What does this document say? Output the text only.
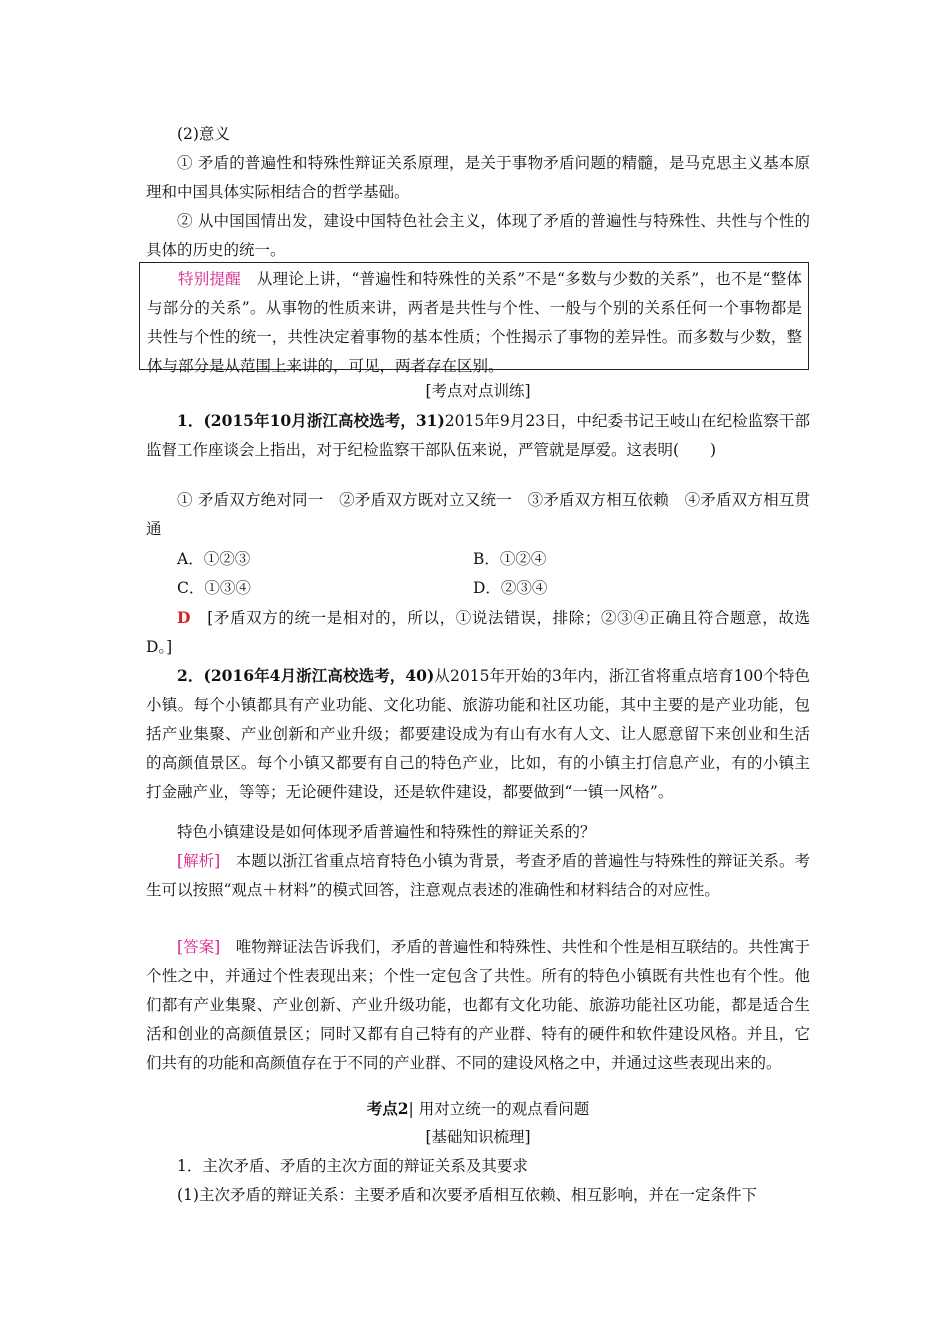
(2)意义

① 矛盾的普遍性和特殊性辩证关系原理，是关于事物矛盾问题的精髓，是马克思主义基本原理和中国具体实际相结合的哲学基础。

② 从中国国情出发，建设中国特色社会主义，体现了矛盾的普遍性与特殊性、共性与个性的具体的历史的统一。

特别提醒　 从理论上讲，“普遍性和特殊性的关系”不是“多数与少数的关系”，也不是“整体与部分的关系”。从事物的性质来讲，两者是共性与个性、一般与个别的关系任何一个事物都是共性与个性的统一，共性决定着事物的基本性质；个性揭示了事物的差异性。而多数与少数，整体与部分是从范围上来讲的，可见，两者存在区别。

[考点对点训练]

1．(2015年10月浙江高校选考，31)2015年9月23日，中纪委书记王岐山在纪检监察干部监督工作座谈会上指出，对于纪检监察干部队伍来说，严管就是厚爱。这表明(　　)

① 矛盾双方绝对同一　②矛盾双方既对立又统一　③矛盾双方相互依赖　④矛盾双方相互贯通

A．①②③	B．①②④
C．①③④	D．②③④

D　 [矛盾双方的统一是相对的，所以，①说法错误，排除；②③④正确且符合题意，故选D。]

2．(2016年4月浙江高校选考，40)从2015年开始的3年内，浙江省将重点培育100个特色小镇。每个小镇都具有产业功能、文化功能、旅游功能和社区功能，其中主要的是产业功能，包括产业集聚、产业创新和产业升级；都要建设成为有山有水有人文、让人愿意留下来创业和生活的高颜值景区。每个小镇又都要有自己的特色产业，比如，有的小镇主打信息产业，有的小镇主打金融产业，等等；无论硬件建设，还是软件建设，都要做到“一镇一风格”。

特色小镇建设是如何体现矛盾普遍性和特殊性的辩证关系的？

[解析]　 本题以浙江省重点培育特色小镇为背景，考查矛盾的普遍性与特殊性的辩证关系。考生可以按照“观点＋材料”的模式回答，注意观点表述的准确性和材料结合的对应性。

[答案]　 唯物辩证法告诉我们，矛盾的普遍性和特殊性、共性和个性是相互联结的。共性寓于个性之中，并通过个性表现出来；个性一定包含了共性。所有的特色小镇既有共性也有个性。他们都有产业集聚、产业创新、产业升级功能，也都有文化功能、旅游功能社区功能，都是适合生活和创业的高颜值景区；同时又都有自己特有的产业群、特有的硬件和软件建设风格。并且，它们共有的功能和高颜值存在于不同的产业群、不同的建设风格之中，并通过这些表现出来的。

考点2| 用对立统一的观点看问题

[基础知识梳理]

1．主次矛盾、矛盾的主次方面的辩证关系及其要求

(1)主次矛盾的辩证关系：主要矛盾和次要矛盾相互依赖、相互影响，并在一定条件下
